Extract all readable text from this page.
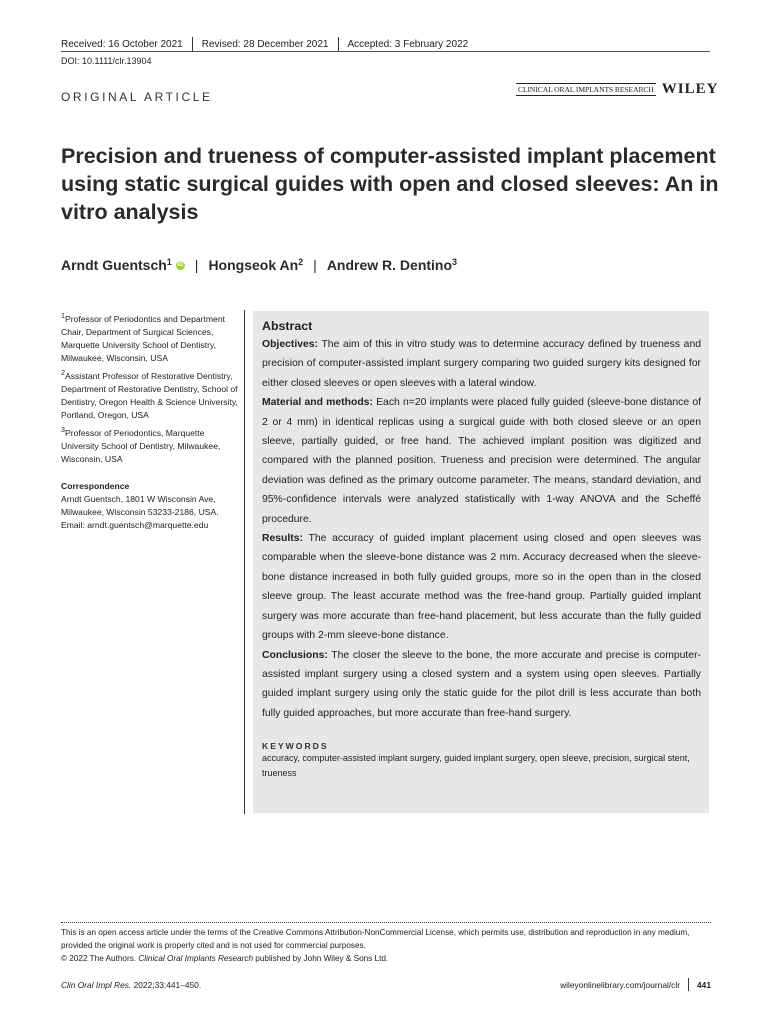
Received: 16 October 2021 Revised: 28 December 2021 Accepted: 3 February 2022
DOI: 10.1111/clr.13904
ORIGINAL ARTICLE
CLINICAL ORAL IMPLANTS RESEARCH WILEY
Precision and trueness of computer-assisted implant placement using static surgical guides with open and closed sleeves: An in vitro analysis
Arndt Guentsch$^1$ iD | Hongseok An$^2$ | Andrew R. Dentino$^3$
$^1$Professor of Periodontics and Department Chair, Department of Surgical Sciences, Marquette University School of Dentistry, Milwaukee, Wisconsin, USA
$^2$Assistant Professor of Restorative Dentistry, Department of Restorative Dentistry, School of Dentistry, Oregon Health & Science University, Portland, Oregon, USA
$^3$Professor of Periodontics, Marquette University School of Dentistry, Milwaukee, Wisconsin, USA
Correspondence
Arndt Guentsch, 1801 W Wisconsin Ave, Milwaukee, Wisconsin 53233-2186, USA.
Email: arndt.guentsch@marquette.edu
Abstract
Objectives: The aim of this in vitro study was to determine accuracy defined by trueness and precision of computer-assisted implant surgery comparing two guided surgery kits designed for either closed sleeves or open sleeves with a lateral window.
Material and methods: Each n=20 implants were placed fully guided (sleeve-bone distance of 2 or 4 mm) in identical replicas using a surgical guide with both closed sleeve or an open sleeve, partially guided, or free hand. The achieved implant position was digitized and compared with the planned position. Trueness and precision were determined. The angular deviation was defined as the primary outcome parameter. The means, standard deviation, and 95%-confidence intervals were analyzed statistically with 1-way ANOVA and the Scheffé procedure.
Results: The accuracy of guided implant placement using closed and open sleeves was comparable when the sleeve-bone distance was 2 mm. Accuracy decreased when the sleeve-bone distance increased in both fully guided groups, more so in the open than in the closed sleeve group. The least accurate method was the free-hand group. Partially guided implant surgery was more accurate than free-hand placement, but less accurate than the fully guided groups with 2-mm sleeve-bone distance.
Conclusions: The closer the sleeve to the bone, the more accurate and precise is computer-assisted implant surgery using a closed system and a system using open sleeves. Partially guided implant surgery using only the static guide for the pilot drill is less accurate than both fully guided approaches, but more accurate than free-hand surgery.
KEYWORDS
accuracy, computer-assisted implant surgery, guided implant surgery, open sleeve, precision, surgical stent, trueness
This is an open access article under the terms of the Creative Commons Attribution-NonCommercial License, which permits use, distribution and reproduction in any medium, provided the original work is properly cited and is not used for commercial purposes.
© 2022 The Authors. Clinical Oral Implants Research published by John Wiley & Sons Ltd.
Clin Oral Impl Res. 2022;33:441–450.	wileyonlinelibrary.com/journal/clr 441
